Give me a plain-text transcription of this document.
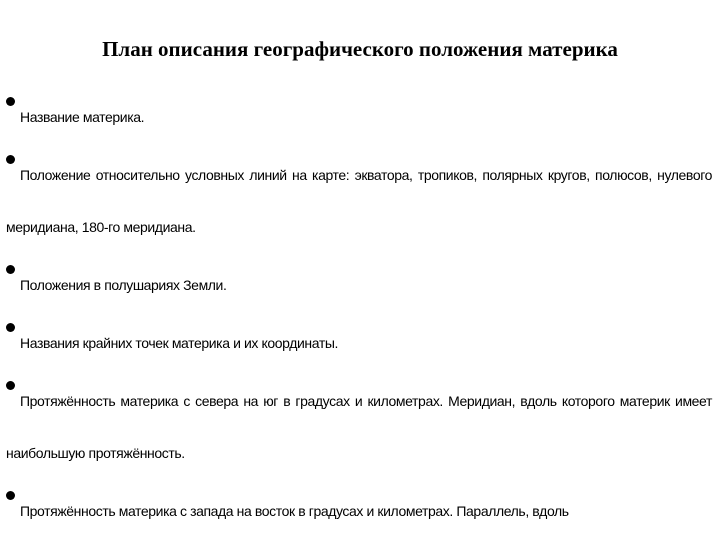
План описания географического положения материка
Название материка.
Положение относительно условных линий на карте: экватора, тропиков, полярных кругов, полюсов, нулевого меридиана, 180-го меридиана.
Положения в полушариях Земли.
Названия крайних точек материка и их координаты.
Протяжённость материка с севера на юг в градусах и километрах. Меридиан, вдоль которого материк имеет наибольшую протяжённость.
Протяжённость материка с запада на восток в градусах и километрах. Параллель, вдоль
